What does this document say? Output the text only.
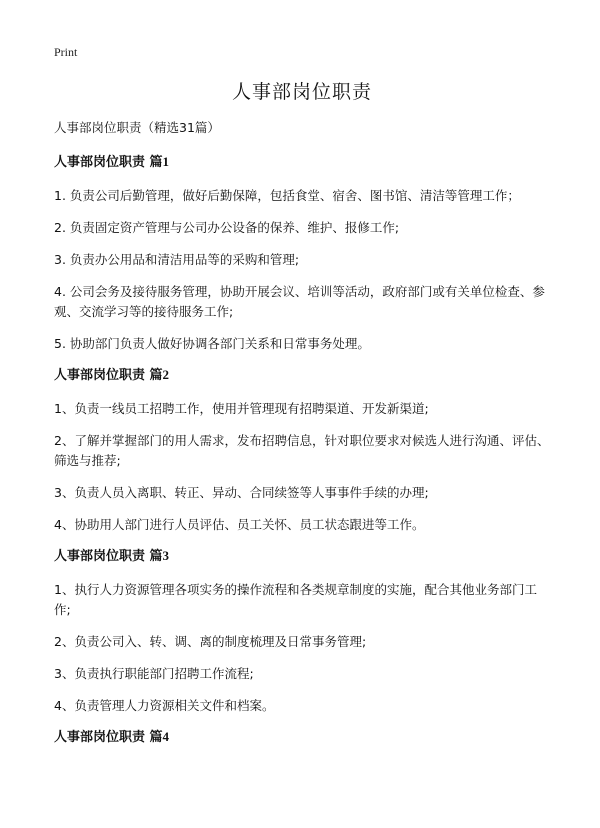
Print
人事部岗位职责
人事部岗位职责（精选31篇）
人事部岗位职责 篇1
1. 负责公司后勤管理，做好后勤保障，包括食堂、宿舍、图书馆、清洁等管理工作；
2. 负责固定资产管理与公司办公设备的保养、维护、报修工作;
3. 负责办公用品和清洁用品等的采购和管理;
4. 公司会务及接待服务管理，协助开展会议、培训等活动，政府部门或有关单位检查、参观、交流学习等的接待服务工作;
5. 协助部门负责人做好协调各部门关系和日常事务处理。
人事部岗位职责 篇2
1、负责一线员工招聘工作，使用并管理现有招聘渠道、开发新渠道;
2、了解并掌握部门的用人需求，发布招聘信息，针对职位要求对候选人进行沟通、评估、筛选与推荐;
3、负责人员入离职、转正、异动、合同续签等人事事件手续的办理;
4、协助用人部门进行人员评估、员工关怀、员工状态跟进等工作。
人事部岗位职责 篇3
1、执行人力资源管理各项实务的操作流程和各类规章制度的实施，配合其他业务部门工作;
2、负责公司入、转、调、离的制度梳理及日常事务管理;
3、负责执行职能部门招聘工作流程;
4、负责管理人力资源相关文件和档案。
人事部岗位职责 篇4
